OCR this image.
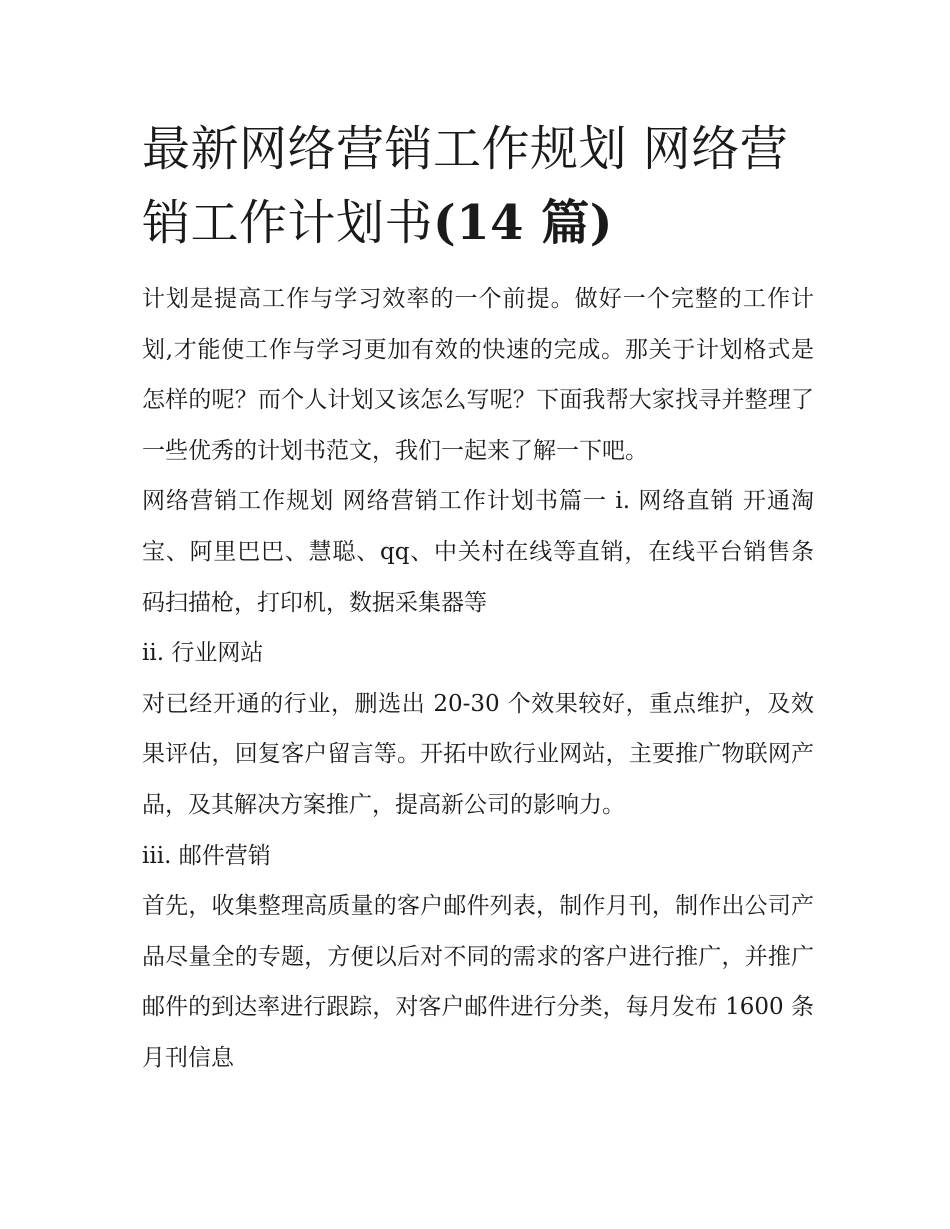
最新网络营销工作规划 网络营销工作计划书(14 篇)

计划是提高工作与学习效率的一个前提。做好一个完整的工作计划,才能使工作与学习更加有效的快速的完成。那关于计划格式是怎样的呢？而个人计划又该怎么写呢？下面我帮大家找寻并整理了一些优秀的计划书范文，我们一起来了解一下吧。

网络营销工作规划 网络营销工作计划书篇一 i. 网络直销 开通淘宝、阿里巴巴、慧聪、qq、中关村在线等直销，在线平台销售条码扫描枪，打印机，数据采集器等

ii. 行业网站

对已经开通的行业，删选出 20-30 个效果较好，重点维护，及效果评估，回复客户留言等。开拓中欧行业网站，主要推广物联网产品，及其解决方案推广，提高新公司的影响力。

iii. 邮件营销

首先，收集整理高质量的客户邮件列表，制作月刊，制作出公司产品尽量全的专题，方便以后对不同的需求的客户进行推广，并推广邮件的到达率进行跟踪，对客户邮件进行分类，每月发布 1600 条月刊信息
